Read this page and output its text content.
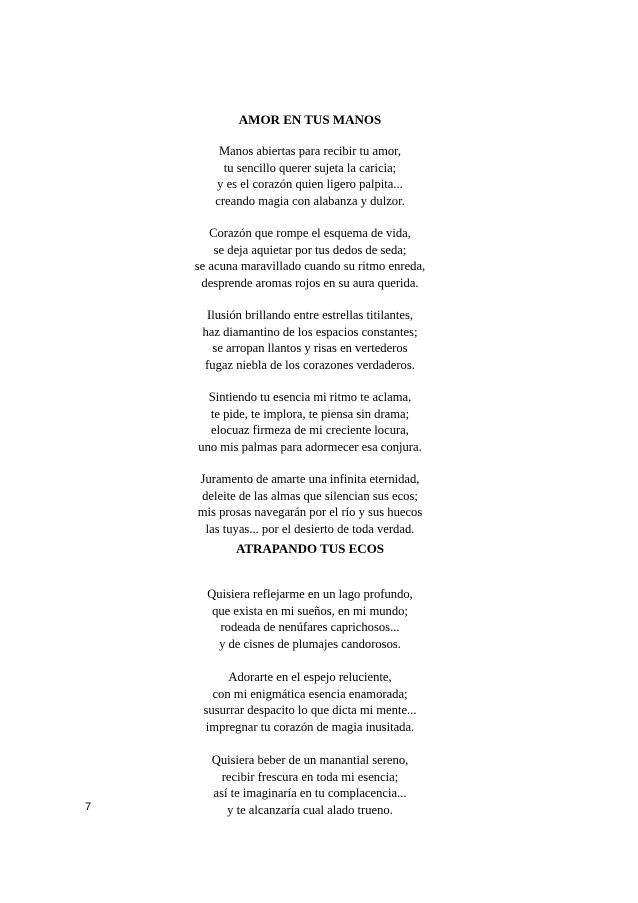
AMOR EN TUS MANOS
Manos abiertas para recibir tu amor,
tu sencillo querer sujeta la caricia;
y es el corazón quien ligero palpita...
creando magia con alabanza y dulzor.
Corazón que rompe el esquema de vida,
se deja aquietar por tus dedos de seda;
se acuna maravillado cuando su ritmo enreda,
desprende aromas rojos en su aura querida.
Ilusión brillando entre estrellas titilantes,
haz diamantino de los espacios constantes;
se arropan llantos y risas en vertederos
fugaz niebla de los corazones verdaderos.
Sintiendo tu esencia mi ritmo te aclama,
te pide, te implora, te piensa sin drama;
elocuaz firmeza de mi creciente locura,
uno mis palmas para adormecer esa conjura.
Juramento de amarte una infinita eternidad,
deleite de las almas que silencian sus ecos;
mis prosas navegarán por el río y sus huecos
las tuyas... por el desierto de toda verdad.
ATRAPANDO TUS ECOS
Quisiera reflejarme en un lago profundo,
que exista en mi sueños, en mi mundo;
rodeada de nenúfares caprichosos...
y de cisnes de plumajes candorosos.
Adorarte en el espejo reluciente,
con mi enigmática esencia enamorada;
susurrar despacito lo que dicta mi mente...
impregnar tu corazón de magia inusitada.
Quisiera beber de un manantial sereno,
recibir frescura en toda mi esencia;
así te imaginaría en tu complacencia...
y te alcanzaría cual alado trueno.
7
